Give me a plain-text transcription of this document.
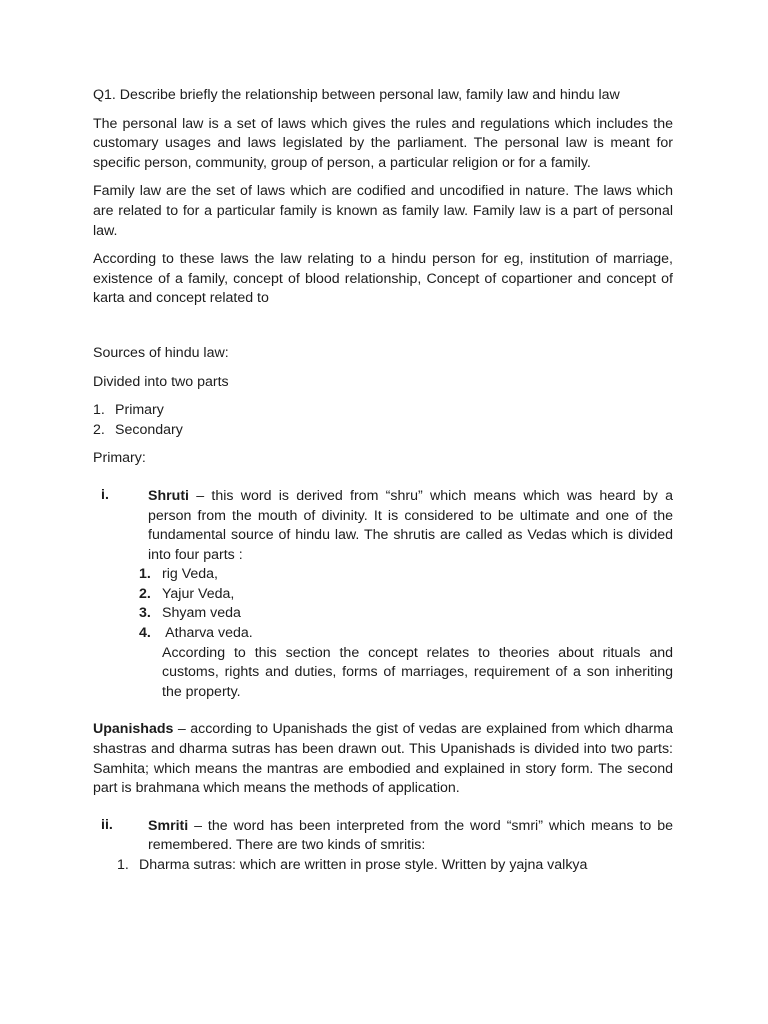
Q1. Describe briefly the relationship between personal law, family law and hindu law

The personal law is a set of laws which gives the rules and regulations which includes the customary usages and laws legislated by the parliament. The personal law is meant for specific person, community, group of person, a particular religion or for a family.

Family law are the set of laws which are codified and uncodified in nature. The laws which are related to for a particular family is known as family law. Family law is a part of personal law.

According to these laws the law relating to a hindu person for eg, institution of marriage, existence of a family, concept of blood relationship, Concept of copartioner and concept of karta and concept related to

Sources of hindu law:

Divided into two parts

1. Primary
2. Secondary

Primary:

i.	Shruti – this word is derived from “shru” which means which was heard by a person from the mouth of divinity. It is considered to be ultimate and one of the fundamental source of hindu law. The shrutis are called as Vedas which is divided into four parts :

1. rig Veda,
2. Yajur Veda,
3. Shyam veda
4. Atharva veda.

According to this section the concept relates to theories about rituals and customs, rights and duties, forms of marriages, requirement of a son inheriting the property.

Upanishads – according to Upanishads the gist of vedas are explained from which dharma shastras and dharma sutras has been drawn out. This Upanishads is divided into two parts: Samhita; which means the mantras are embodied and explained in story form. The second part is brahmana which means the methods of application.

ii.	Smriti – the word has been interpreted from the word “smri” which means to be remembered. There are two kinds of smritis:

1. Dharma sutras: which are written in prose style. Written by yajna valkya
